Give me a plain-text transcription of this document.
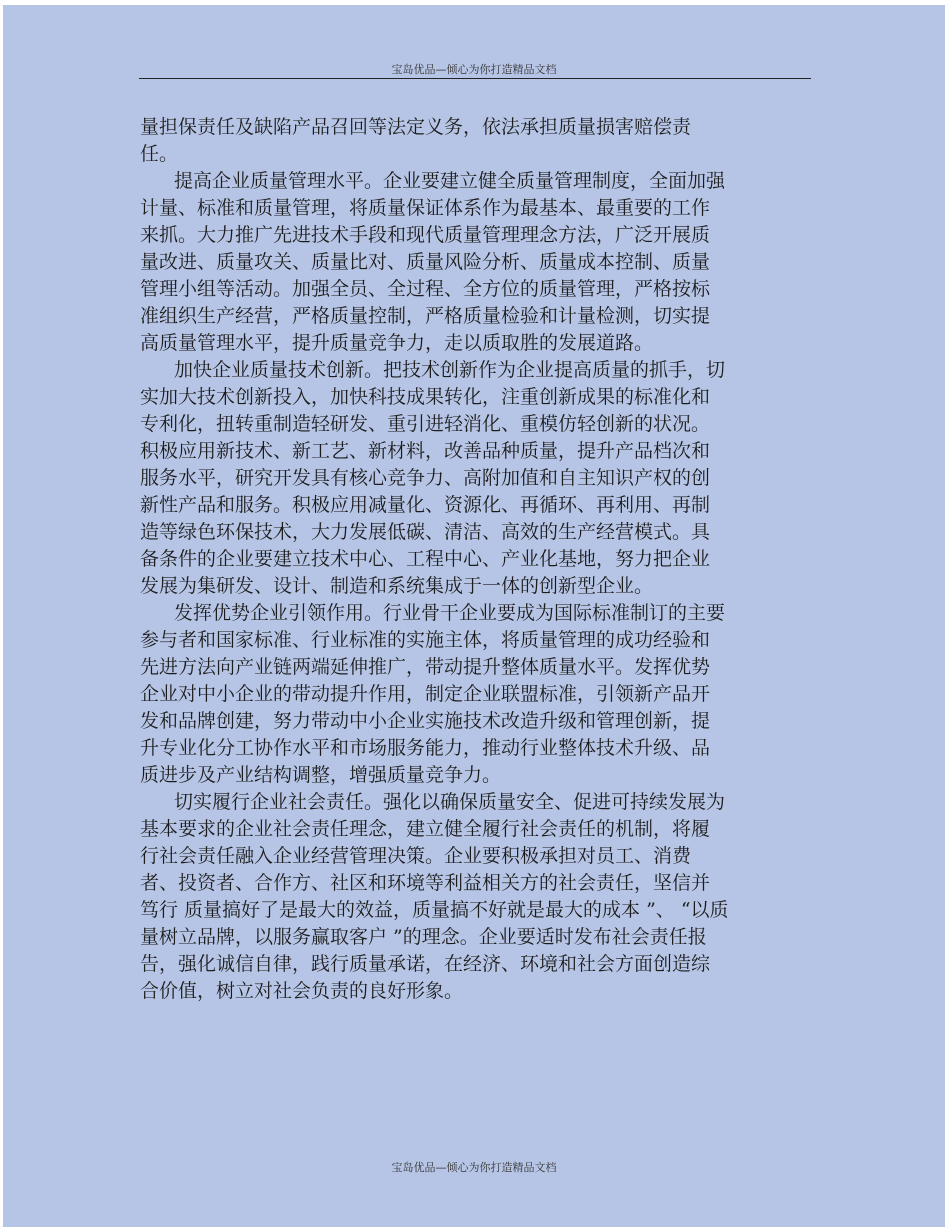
宝岛优品—倾心为你打造精品文档
量担保责任及缺陷产品召回等法定义务，依法承担质量损害赔偿责
任。
提高企业质量管理水平。企业要建立健全质量管理制度，全面加强
计量、标准和质量管理，将质量保证体系作为最基本、最重要的工作
来抓。大力推广先进技术手段和现代质量管理理念方法，广泛开展质
量改进、质量攻关、质量比对、质量风险分析、质量成本控制、质量
管理小组等活动。加强全员、全过程、全方位的质量管理，严格按标
准组织生产经营，严格质量控制，严格质量检验和计量检测，切实提
高质量管理水平，提升质量竞争力，走以质取胜的发展道路。
加快企业质量技术创新。把技术创新作为企业提高质量的抓手，切
实加大技术创新投入，加快科技成果转化，注重创新成果的标准化和
专利化，扭转重制造轻研发、重引进轻消化、重模仿轻创新的状况。
积极应用新技术、新工艺、新材料，改善品种质量，提升产品档次和
服务水平，研究开发具有核心竞争力、高附加值和自主知识产权的创
新性产品和服务。积极应用减量化、资源化、再循环、再利用、再制
造等绿色环保技术，大力发展低碳、清洁、高效的生产经营模式。具
备条件的企业要建立技术中心、工程中心、产业化基地，努力把企业
发展为集研发、设计、制造和系统集成于一体的创新型企业。
发挥优势企业引领作用。行业骨干企业要成为国际标准制订的主要
参与者和国家标准、行业标准的实施主体，将质量管理的成功经验和
先进方法向产业链两端延伸推广，带动提升整体质量水平。发挥优势
企业对中小企业的带动提升作用，制定企业联盟标准，引领新产品开
发和品牌创建，努力带动中小企业实施技术改造升级和管理创新，提
升专业化分工协作水平和市场服务能力，推动行业整体技术升级、品
质进步及产业结构调整，增强质量竞争力。
切实履行企业社会责任。强化以确保质量安全、促进可持续发展为
基本要求的企业社会责任理念，建立健全履行社会责任的机制，将履
行社会责任融入企业经营管理决策。企业要积极承担对员工、消费
者、投资者、合作方、社区和环境等利益相关方的社会责任，坚信并
笃行 质量搞好了是最大的效益，质量搞不好就是最大的成本 ”、 “以质
量树立品牌，以服务赢取客户 ”的理念。企业要适时发布社会责任报
告，强化诚信自律，践行质量承诺，在经济、环境和社会方面创造综
合价值，树立对社会负责的良好形象。
宝岛优品—倾心为你打造精品文档
